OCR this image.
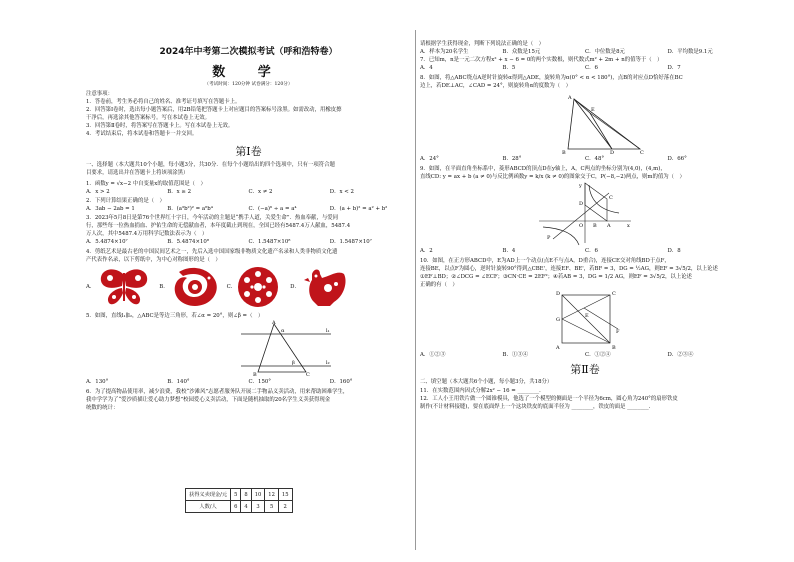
2024年中考第二次模拟考试（呼和浩特卷）
数 学
（考试时间：120分钟 试卷满分：120分）
注意事项：
1．答卷前，考生务必将自己的姓名、准考证号填写在答题卡上。
2．回答第Ⅰ卷时，选出每小题答案后，用2B铅笔把答题卡上对应题目的答案标号涂黑。如需改动，用橡皮擦
干净后，再选涂其他答案标号。写在本试卷上无效。
3．回答第Ⅱ卷时，将答案写在答题卡上。写在本试卷上无效。
4．考试结束后，将本试卷和答题卡一并交回。
第Ⅰ卷
一、选择题（本大题共10个小题，每小题3分，共30分．在每个小题给出的四个选项中，只有一项符合题
目要求，请选出并在答题卡上将该项涂黑）
1．函数y = √x−2 中自变量x的取值范围是（　）
A．x > 2	B．x ≥ 2	C．x ≠ 2	D．x < 2
2．下列计算结果正确的是（　）
A．3ab − 2ab = 1	B．(a³b²)² = a⁶b⁴	C．(−a)⁶ ÷ a = a⁴	D．(a + b)² = a² + b²
3．2023年5月8日是第76个世界红十字日，今年活动的主题是“携手人道，关爱生命”．热血奉献，与爱同
行，那些每一位热血捐血、护佑生命的无偿献血者，本年度截止到现在，全国已经有5487.4万人献血，5487.4
万人次，其中5487.4万用科学记数法表示为（　）
A．5.4874×10⁷	B．5.4874×10⁸	C．1.5487×10⁸	D．1.5487×10⁷
4．剪纸艺术是最古老的中国民间艺术之一，先后入选中国国家级非物质文化遗产名录和人类非物质文化遗
产代表作名录，以下剪纸中，为中心对称图形的是（　）
A．	B．	C．	D．
5．如图，直线l₁∥l₂，△ABC是等边三角形，若∠α = 20°，则∠β =（　）
l₁
l₂
A
B	C
α
β
A．130°	B．140°	C．150°	D．160°
6．为了提高物品使用率，减少浪费，我校“沙滩风”志愿者服务队开展二手物品义卖活动，用来帮助困难学生，
我中学学为了“爱沙质描让爱心助力梦想”校园爱心义卖活动，下面是随机抽取的20名学生义卖获得现金
统数的统计：
获得义卖现金/元	5	8	10	12	15
人数/人	6	4	3	5	2
请根据学生获得现金，判断下列说法正确的是（　）
A．样本为20名学生	B．众数是15元	C．中位数是8元	D．平均数是9.1元
7．已知m，n是一元二次方程x² + x − 6 = 0的两个实数根，则代数式m² + 2m + n的值等于（　）
A．4	B．5	C．6	D．7
8．如图，将△ABC绕点A逆时针旋转α得到△ADE，旋转角为α(0° < α < 180°)，点B的对应点D恰好落在BC
边上，若DE⊥AC，∠CAD = 24°，则旋转角α的度数为（　）
A
B	C
D
E
A．24°	B．28°	C．48°	D．66°
9．如图，在平面直角坐标系中，菱形ABCD的顶点D在y轴上，A，C两点的坐标分别为(4,0)，(4,m)，
直线CD: y = ax + b (a ≠ 0)与反比例函数y = k/x (k ≠ 0)的图象交于C，P(−8,−2)两点，则m的值为（　）
y
x
O	A
B
C
D
P
A．2	B．4	C．6	D．8
10．如图，在正方形ABCD中，E为AD上一个动点(点E不与点A，D重合)，连接CE交对角线BD于点F，
连接BE，以点F为圆心，逆时针旋转90°得到△CBE'，连接EF、BE'，若BF = 3，DG = ½AG，则EF = 3√5/2，以上论述
①EF⊥BD；②∠DCG = ∠ECF；③CN·CE = 2EF²；④若AB = 3，DG = 1/2 AG，则EF = 3√5/2，以上论述
正确的有（　）
D	C
A	B
G
E
F
A．①②③	B．①③④	C．①②④	D．②③④
第Ⅱ卷
二、填空题（本大题共6个小题，每小题3分，共18分）
11．在实数范围内因式分解2x² − 16 = ________．
12．工人小王用铁片做一个圆锥模具，他选了一个模型的侧面是一个半径为6cm，圆心角为240°的扇形铁皮
制作(不计材料接缝)，要在底面焊上一个这块铁皮的底面半径为 ________，铁皮的面是 ________．
